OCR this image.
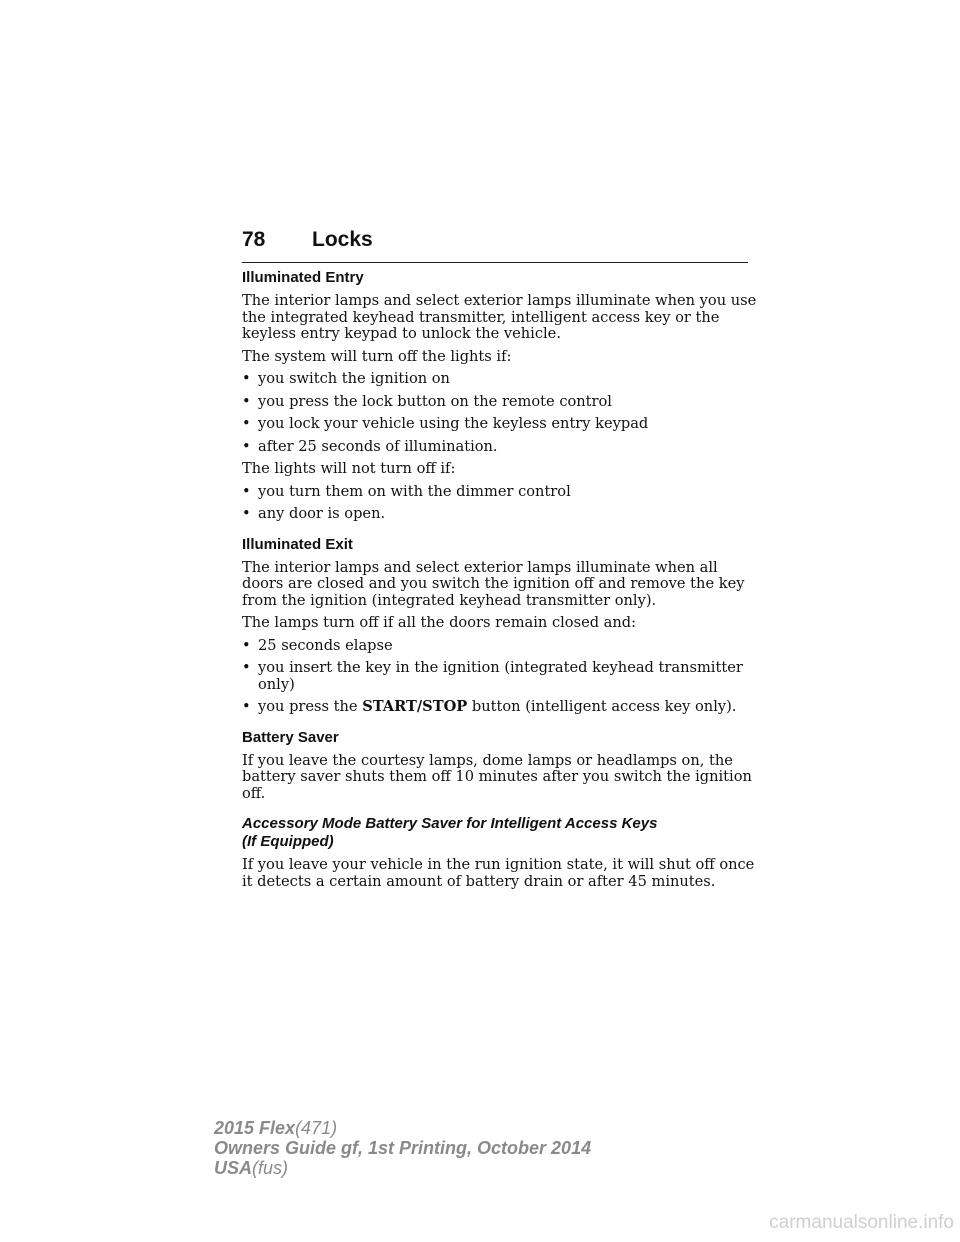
78 Locks
Illuminated Entry

The interior lamps and select exterior lamps illuminate when you use the integrated keyhead transmitter, intelligent access key or the keyless entry keypad to unlock the vehicle.

The system will turn off the lights if:

• you switch the ignition on
• you press the lock button on the remote control
• you lock your vehicle using the keyless entry keypad
• after 25 seconds of illumination.

The lights will not turn off if:

• you turn them on with the dimmer control
• any door is open.
Illuminated Exit

The interior lamps and select exterior lamps illuminate when all doors are closed and you switch the ignition off and remove the key from the ignition (integrated keyhead transmitter only).

The lamps turn off if all the doors remain closed and:

• 25 seconds elapse
• you insert the key in the ignition (integrated keyhead transmitter only)
• you press the START/STOP button (intelligent access key only).
Battery Saver

If you leave the courtesy lamps, dome lamps or headlamps on, the battery saver shuts them off 10 minutes after you switch the ignition off.

Accessory Mode Battery Saver for Intelligent Access Keys
(If Equipped)

If you leave your vehicle in the run ignition state, it will shut off once it detects a certain amount of battery drain or after 45 minutes.

2015 Flex(471)
Owners Guide gf, 1st Printing, October 2014
USA(fus)
carmanualsonline.info
